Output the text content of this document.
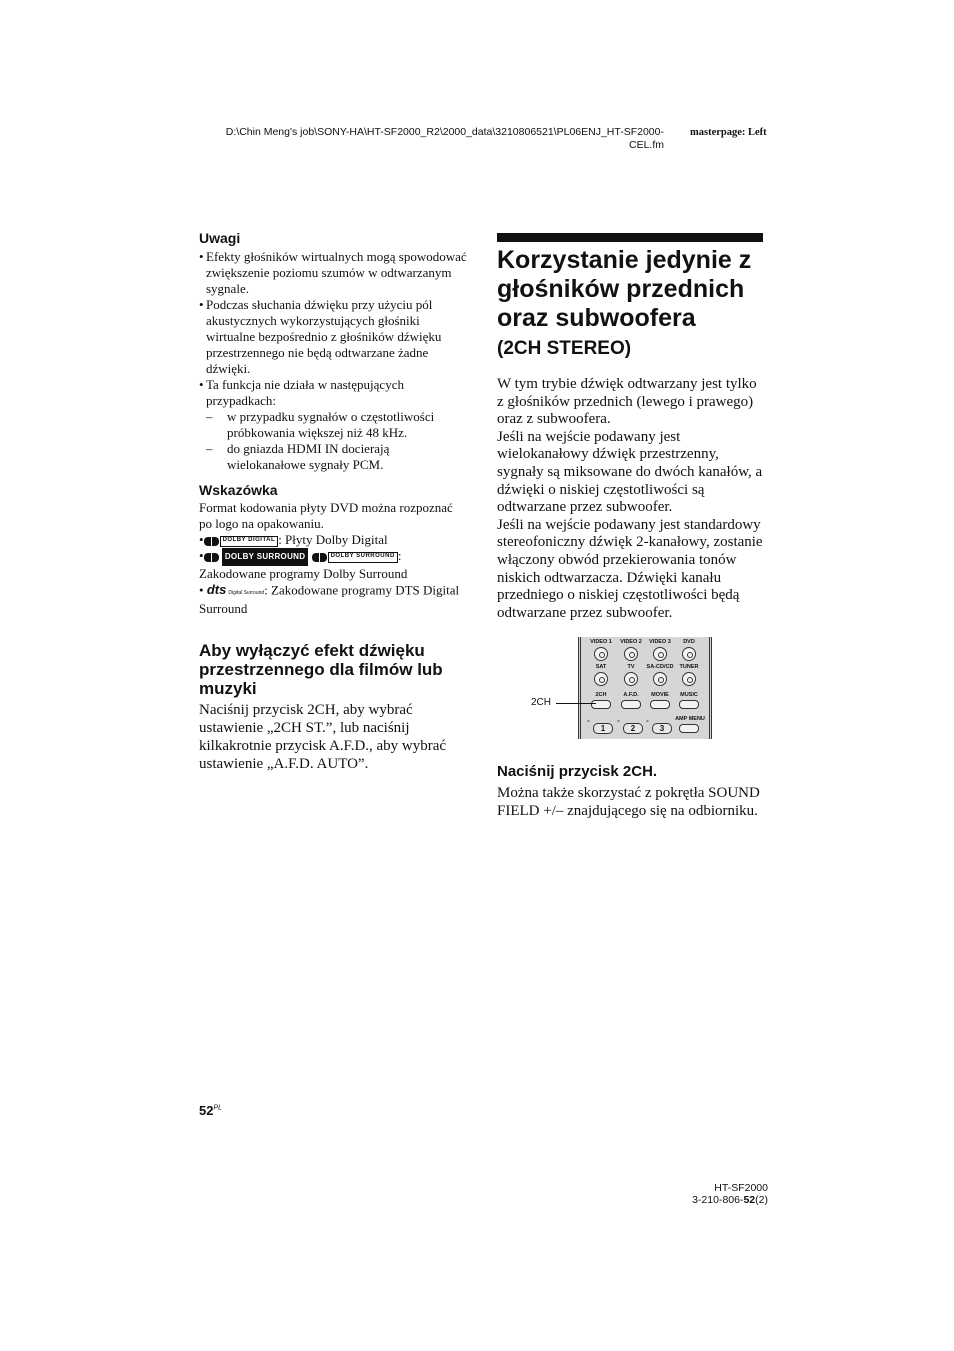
D:\Chin Meng's job\SONY-HA\HT-SF2000_R2\2000_data\3210806521\PL06ENJ_HT-SF2000-
CEL.fm
masterpage: Left
Uwagi
• Efekty głośników wirtualnych mogą spowodować zwiększenie poziomu szumów w odtwarzanym sygnale.
• Podczas słuchania dźwięku przy użyciu pól akustycznych wykorzystujących głośniki wirtualne bezpośrednio z głośników dźwięku przestrzennego nie będą odtwarzane żadne dźwięki.
• Ta funkcja nie działa w następujących przypadkach:
–	w przypadku sygnałów o częstotliwości próbkowania większej niż 48 kHz.
–	do gniazda HDMI IN docierają wielokanałowe sygnały PCM.
Wskazówka
Format kodowania płyty DVD można rozpoznać po logo na opakowaniu.
•	DOLBY DIGITAL : Płyty Dolby Digital
•	DOLBY SURROUND	DOLBY SURROUND : Zakodowane programy Dolby Surround
• dts Digital Surround: Zakodowane programy DTS Digital Surround
Aby wyłączyć efekt dźwięku przestrzennego dla filmów lub muzyki
Naciśnij przycisk 2CH, aby wybrać ustawienie „2CH ST.”, lub naciśnij kilkakrotnie przycisk A.F.D., aby wybrać ustawienie „A.F.D. AUTO”.
Korzystanie jedynie z głośników przednich oraz subwoofera
(2CH STEREO)
W tym trybie dźwięk odtwarzany jest tylko z głośników przednich (lewego i prawego) oraz z subwoofera.
Jeśli na wejście podawany jest wielokanałowy dźwięk przestrzenny, sygnały są miksowane do dwóch kanałów, a dźwięki o niskiej częstotliwości są odtwarzane przez subwoofer.
Jeśli na wejście podawany jest standardowy stereofoniczny dźwięk 2-kanałowy, zostanie włączony obwód przekierowania tonów niskich odtwarzacza. Dźwięki kanału przedniego o niskiej częstotliwości będą odtwarzane przez subwoofer.
VIDEO 1	VIDEO 2	VIDEO 3	DVD
SAT	TV	SA-CD/CD	TUNER
2CH	A.F.D.	MOVIE	MUSIC
AMP MENU
°
1
°
2
°
3
2CH
Naciśnij przycisk 2CH.
Można także skorzystać z pokrętła SOUND FIELD +/– znajdującego się na odbiorniku.
$52^{PL}$
HT-SF2000
3-210-806-52(2)
